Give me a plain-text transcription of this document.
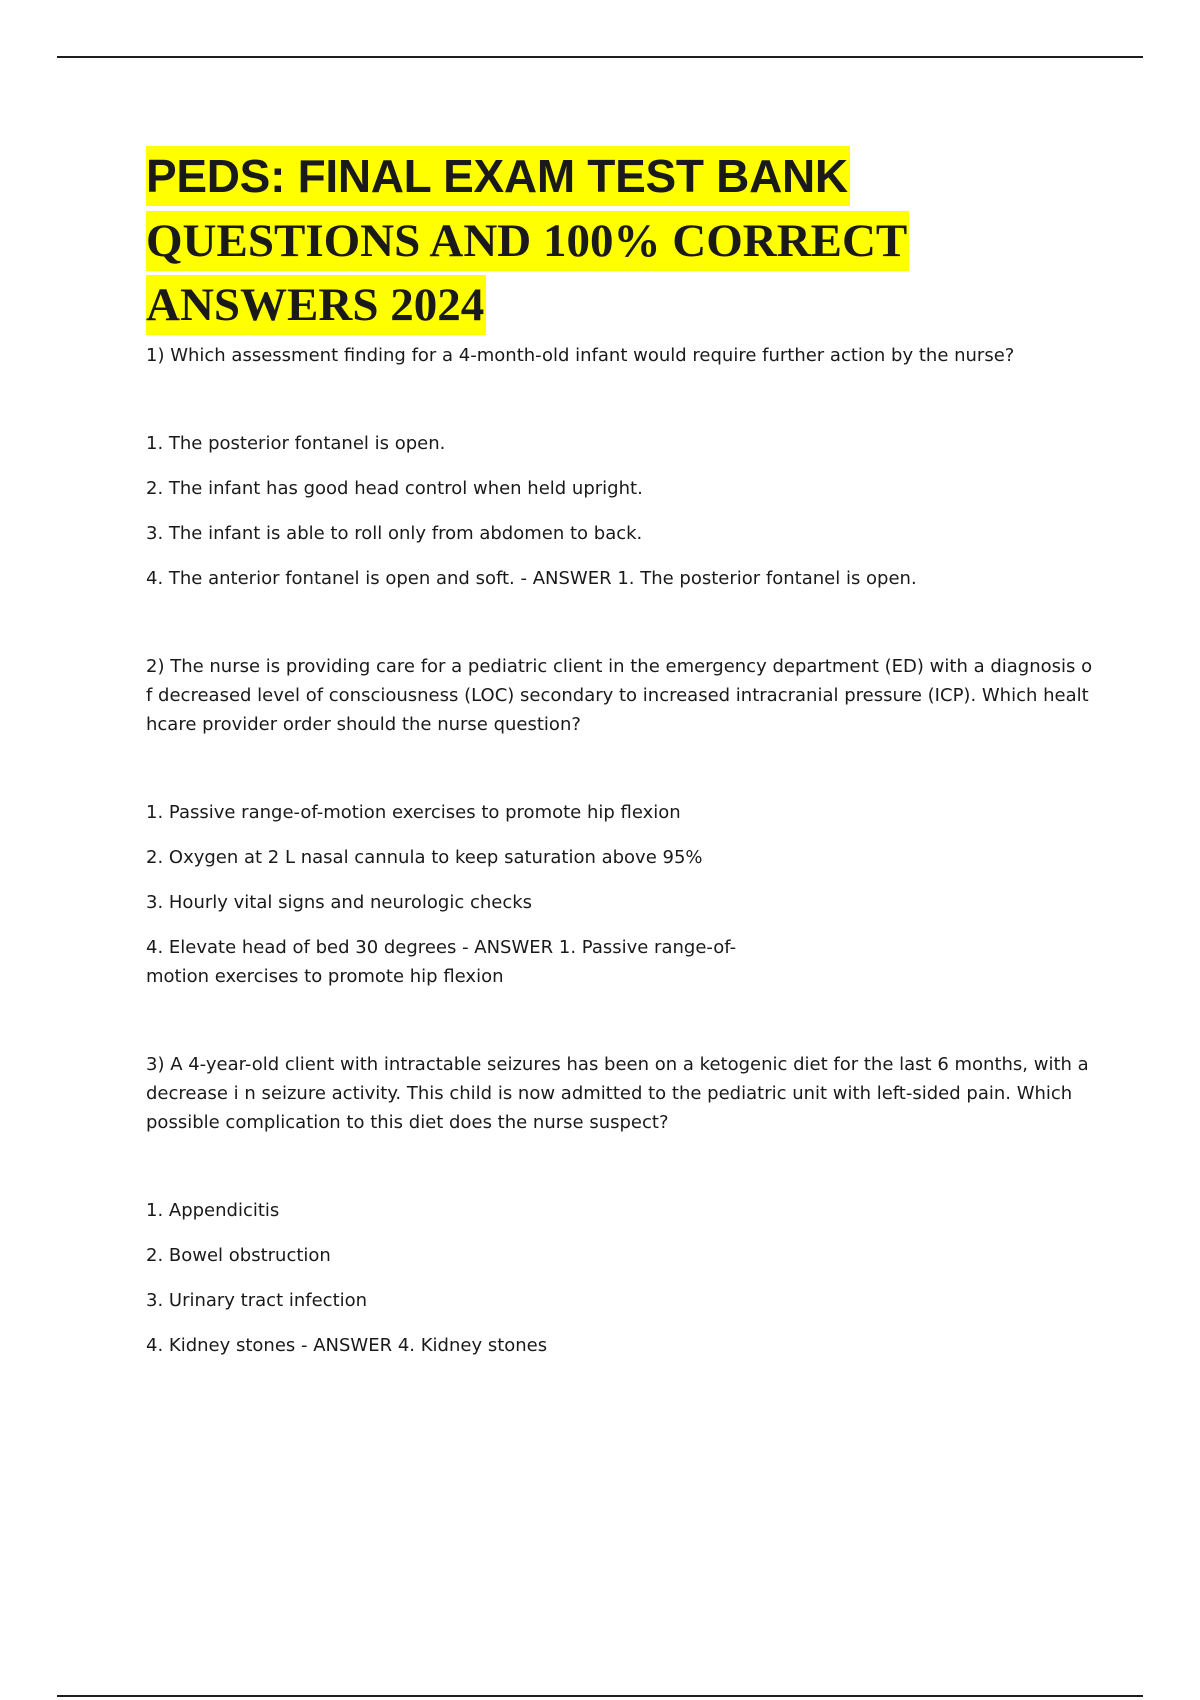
PEDS: FINAL EXAM TEST BANK
QUESTIONS AND 100% CORRECT
ANSWERS 2024

1) Which assessment finding for a 4-month-old infant would require further action by the nurse?

1. The posterior fontanel is open.

2. The infant has good head control when held upright.

3. The infant is able to roll only from abdomen to back.

4. The anterior fontanel is open and soft. - ANSWER 1. The posterior fontanel is open.

2) The nurse is providing care for a pediatric client in the emergency department (ED) with a diagnosis o f decreased level of consciousness (LOC) secondary to increased intracranial pressure (ICP). Which healt hcare provider order should the nurse question?

1. Passive range-of-motion exercises to promote hip flexion

2. Oxygen at 2 L nasal cannula to keep saturation above 95%

3. Hourly vital signs and neurologic checks

4. Elevate head of bed 30 degrees - ANSWER 1. Passive range-of-motion exercises to promote hip flexion

3) A 4-year-old client with intractable seizures has been on a ketogenic diet for the last 6 months, with a decrease i n seizure activity. This child is now admitted to the pediatric unit with left-sided pain. Which possible complication to this diet does the nurse suspect?

1. Appendicitis

2. Bowel obstruction

3. Urinary tract infection

4. Kidney stones - ANSWER 4. Kidney stones
